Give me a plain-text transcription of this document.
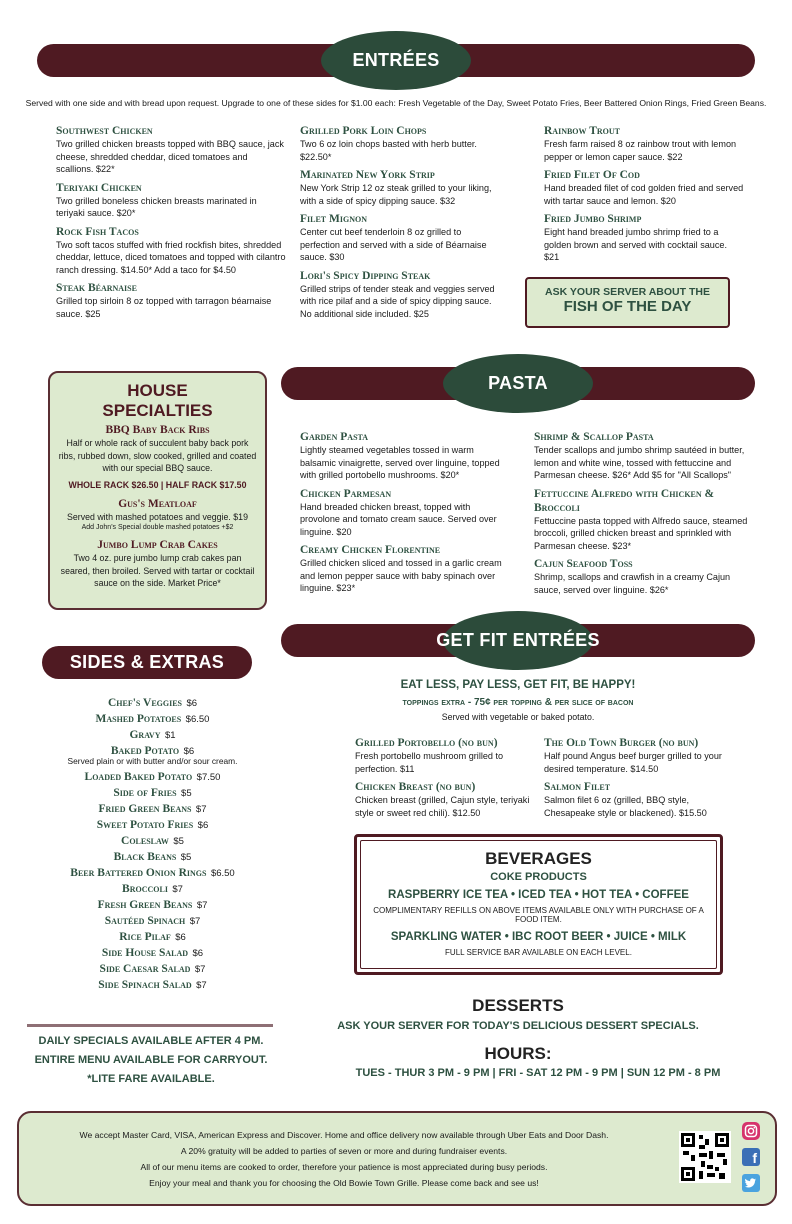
ENTRÉES
Served with one side and with bread upon request. Upgrade to one of these sides for $1.00 each: Fresh Vegetable of the Day, Sweet Potato Fries, Beer Battered Onion Rings, Fried Green Beans.
Southwest Chicken
Two grilled chicken breasts topped with BBQ sauce, jack cheese, shredded cheddar, diced tomatoes and scallions. $22*
Teriyaki Chicken
Two grilled boneless chicken breasts marinated in teriyaki sauce. $20*
Rock Fish Tacos
Two soft tacos stuffed with fried rockfish bites, shredded cheddar, lettuce, diced tomatoes and topped with cilantro ranch dressing. $14.50* Add a taco for $4.50
Steak Béarnaise
Grilled top sirloin 8 oz topped with tarragon béarnaise sauce. $25
Grilled Pork Loin Chops
Two 6 oz loin chops basted with herb butter. $22.50*
Marinated New York Strip
New York Strip 12 oz steak grilled to your liking, with a side of spicy dipping sauce. $32
Filet Mignon
Center cut beef tenderloin 8 oz grilled to perfection and served with a side of Béarnaise sauce. $30
Lori's Spicy Dipping Steak
Grilled strips of tender steak and veggies served with rice pilaf and a side of spicy dipping sauce. No additional side included. $25
Rainbow Trout
Fresh farm raised 8 oz rainbow trout with lemon pepper or lemon caper sauce. $22
Fried Filet Of Cod
Hand breaded filet of cod golden fried and served with tartar sauce and lemon. $20
Fried Jumbo Shrimp
Eight hand breaded jumbo shrimp fried to a golden brown and served with cocktail sauce. $21
ASK YOUR SERVER ABOUT THE
FISH OF THE DAY
HOUSE
SPECIALTIES
BBQ Baby Back Ribs
Half or whole rack of succulent baby back pork ribs, rubbed down, slow cooked, grilled and coated with our special BBQ sauce.
WHOLE RACK $26.50 | HALF RACK $17.50
Gus's Meatloaf
Served with mashed potatoes and veggie. $19
Add John's Special double mashed potatoes +$2
Jumbo Lump Crab Cakes
Two 4 oz. pure jumbo lump crab cakes pan seared, then broiled. Served with tartar or cocktail sauce on the side. Market Price*
PASTA
Garden Pasta
Lightly steamed vegetables tossed in warm balsamic vinaigrette, served over linguine, topped with grilled portobello mushrooms. $20*
Chicken Parmesan
Hand breaded chicken breast, topped with provolone and tomato cream sauce. Served over linguine. $20
Creamy Chicken Florentine
Grilled chicken sliced and tossed in a garlic cream and lemon pepper sauce with baby spinach over linguine. $23*
Shrimp & Scallop Pasta
Tender scallops and jumbo shrimp sautéed in butter, lemon and white wine, tossed with fettuccine and Parmesan cheese. $26* Add $5 for "All Scallops"
Fettuccine Alfredo with Chicken & Broccoli
Fettuccine pasta topped with Alfredo sauce, steamed broccoli, grilled chicken breast and sprinkled with Parmesan cheese. $23*
Cajun Seafood Toss
Shrimp, scallops and crawfish in a creamy Cajun sauce, served over linguine. $26*
SIDES & EXTRAS
Chef's Veggies $6
Mashed Potatoes $6.50
Gravy $1
Baked Potato $6
Served plain or with butter and/or sour cream.
Loaded Baked Potato $7.50
Side of Fries $5
Fried Green Beans $7
Sweet Potato Fries $6
Coleslaw $5
Black Beans $5
Beer Battered Onion Rings $6.50
Broccoli $7
Fresh Green Beans $7
Sautéed Spinach $7
Rice Pilaf $6
Side House Salad $6
Side Caesar Salad $7
Side Spinach Salad $7
DAILY SPECIALS AVAILABLE AFTER 4 PM.
ENTIRE MENU AVAILABLE FOR CARRYOUT.
*LITE FARE AVAILABLE.
GET FIT ENTRÉES
EAT LESS, PAY LESS, GET FIT, BE HAPPY!
toppings extra - 75¢ per topping & per slice of bacon
Served with vegetable or baked potato.
Grilled Portobello (no bun)
Fresh portobello mushroom grilled to perfection. $11
Chicken Breast (no bun)
Chicken breast (grilled, Cajun style, teriyaki style or sweet red chili). $12.50
The Old Town Burger (no bun)
Half pound Angus beef burger grilled to your desired temperature. $14.50
Salmon Filet
Salmon filet 6 oz (grilled, BBQ style, Chesapeake style or blackened). $15.50
BEVERAGES
COKE PRODUCTS
RASPBERRY ICE TEA • ICED TEA • HOT TEA • COFFEE
COMPLIMENTARY REFILLS ON ABOVE ITEMS AVAILABLE ONLY WITH PURCHASE OF A FOOD ITEM.
SPARKLING WATER • IBC ROOT BEER • JUICE • MILK
FULL SERVICE BAR AVAILABLE ON EACH LEVEL.
DESSERTS
ASK YOUR SERVER FOR TODAY'S DELICIOUS DESSERT SPECIALS.
HOURS:
TUES - THUR 3 PM - 9 PM | FRI - SAT 12 PM - 9 PM | SUN 12 PM - 8 PM
We accept Master Card, VISA, American Express and Discover. Home and office delivery now available through Uber Eats and Door Dash.
A 20% gratuity will be added to parties of seven or more and during fundraiser events.
All of our menu items are cooked to order, therefore your patience is most appreciated during busy periods.
Enjoy your meal and thank you for choosing the Old Bowie Town Grille. Please come back and see us!
f
